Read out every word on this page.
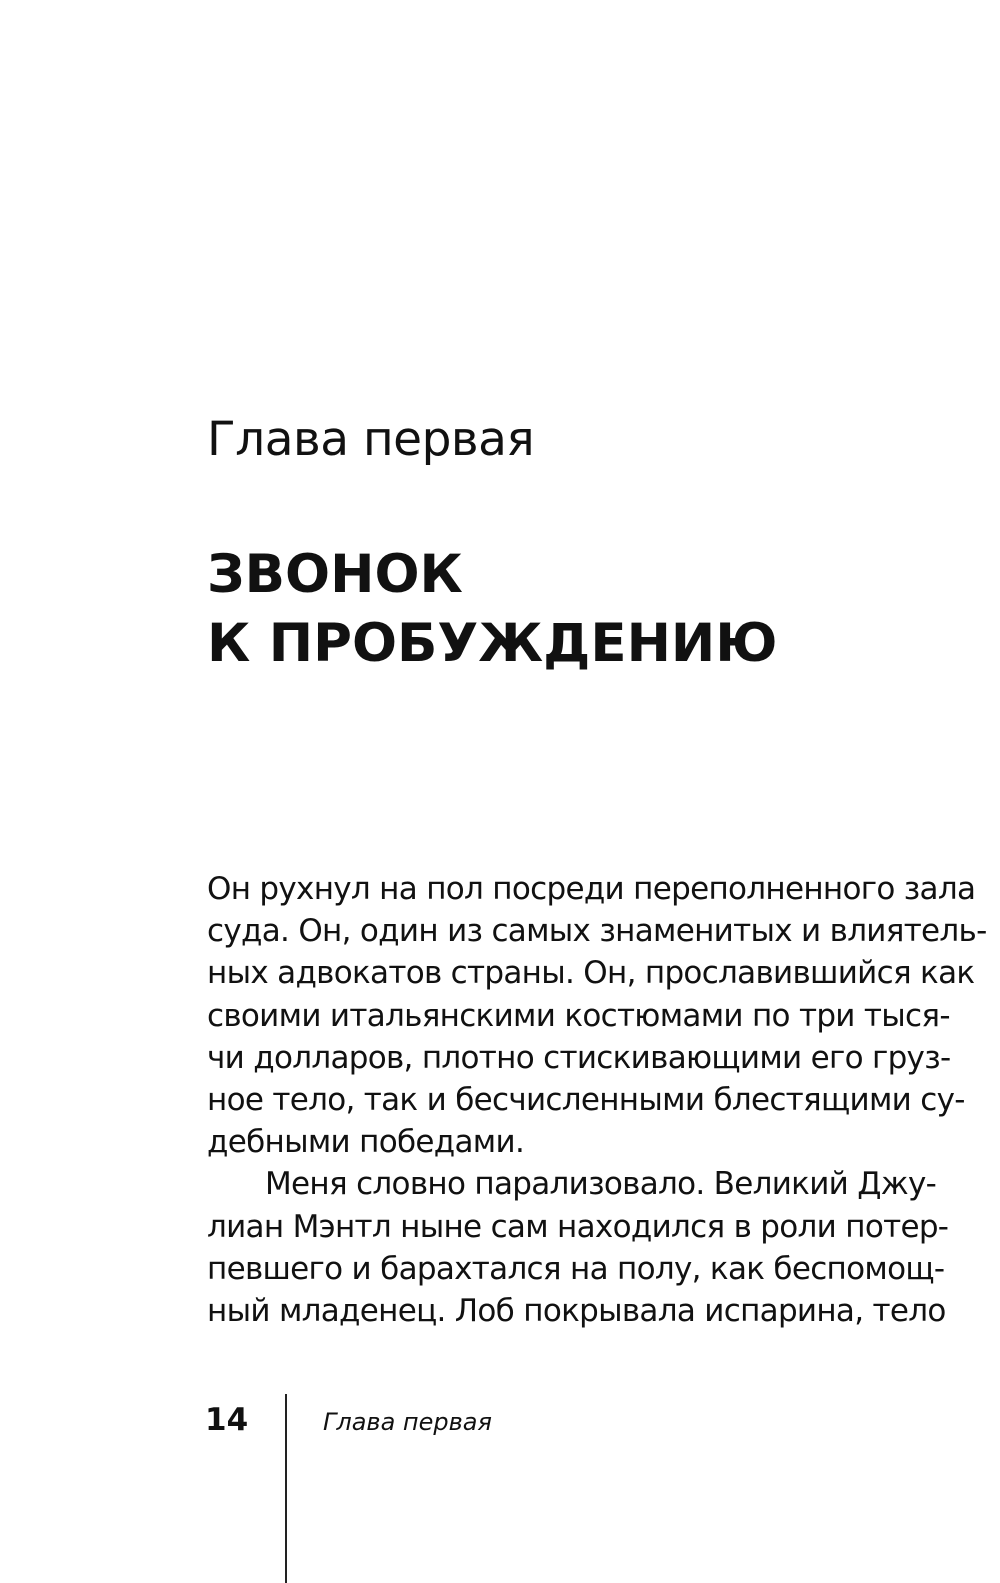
Глава первая
ЗВОНОК
К ПРОБУЖДЕНИЮ
Он рухнул на пол посреди переполненного зала
суда. Он, один из самых знаменитых и влиятель-
ных адвокатов страны. Он, прославившийся как
своими итальянскими костюмами по три тыся-
чи долларов, плотно стискивающими его груз-
ное тело, так и бесчисленными блестящими су-
дебными победами.
Меня словно парализовало. Великий Джу-
лиан Мэнтл ныне сам находился в роли потер-
певшего и барахтался на полу, как беспомощ-
ный младенец. Лоб покрывала испарина, тело
14	Глава первая
